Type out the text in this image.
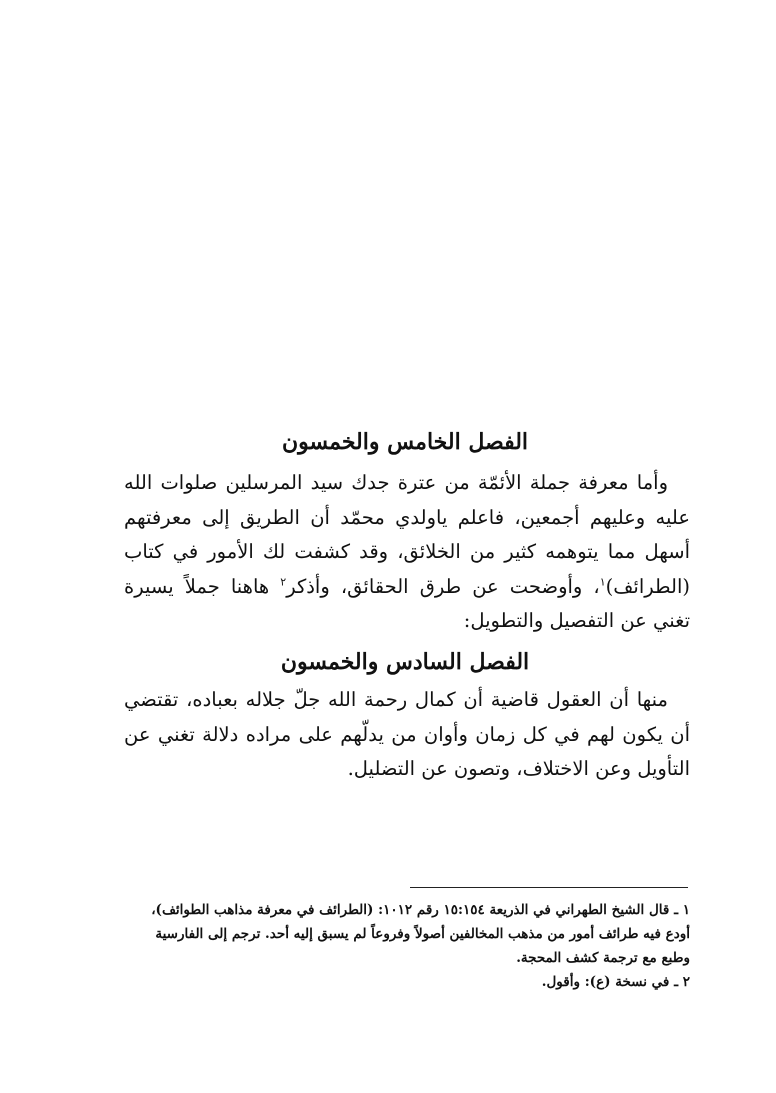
الفصل الخامس والخمسون

وأما معرفة جملة الأئمّة من عترة جدك سيد المرسلين صلوات الله عليه وعليهم أجمعين، فاعلم ياولدي محمّد أن الطريق إلى معرفتهم أسهل مما يتوهمه كثير من الخلائق، وقد كشفت لك الأمور في كتاب (الطرائف)$^١$، وأوضحت عن طرق الحقائق، وأذكر$^٢$ هاهنا جملاً يسيرة تغني عن التفصيل والتطويل:

الفصل السادس والخمسون

منها أن العقول قاضية أن كمال رحمة الله جلّ جلاله بعباده، تقتضي أن يكون لهم في كل زمان وأوان من يدلّهم على مراده دلالة تغني عن التأويل وعن الاختلاف، وتصون عن التضليل.

١ ـ قال الشيخ الطهراني في الذريعة ١٥:١٥٤ رقم ١٠١٢: (الطرائف في معرفة مذاهب الطوائف)، أودع فيه طرائف أمور من مذهب المخالفين أصولاً وفروعاً لم يسبق إليه أحد. ترجم إلى الفارسية وطبع مع ترجمة كشف المحجة.

٢ ـ في نسخة (ع): وأقول.
